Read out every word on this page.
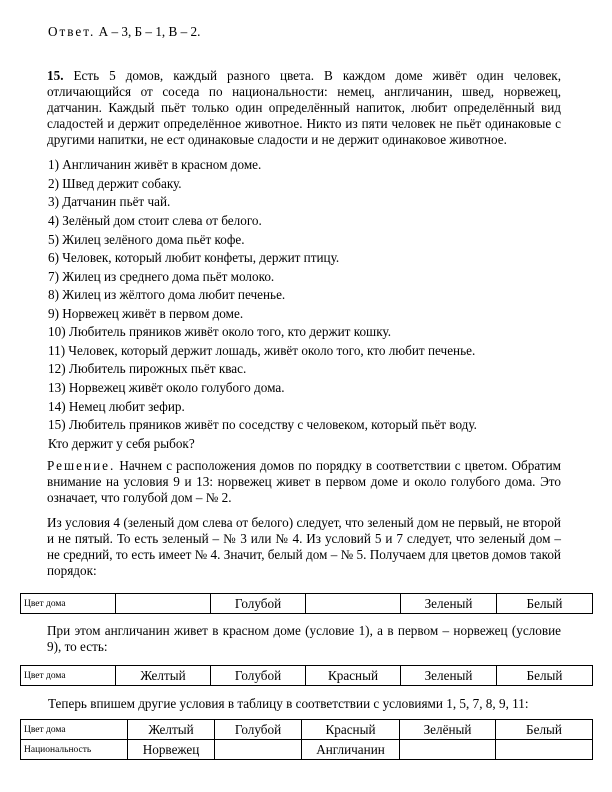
Ответ. А – 3, Б – 1, В – 2.
15. Есть 5 домов, каждый разного цвета. В каждом доме живёт один человек, отличающийся от соседа по национальности: немец, англичанин, швед, норвежец, датчанин. Каждый пьёт только один определённый напиток, любит определённый вид сладостей и держит определённое животное. Никто из пяти человек не пьёт одинаковые с другими напитки, не ест одинаковые сладости и не держит одинаковое животное.
1) Англичанин живёт в красном доме.
2) Швед держит собаку.
3) Датчанин пьёт чай.
4) Зелёный дом стоит слева от белого.
5) Жилец зелёного дома пьёт кофе.
6) Человек, который любит конфеты, держит птицу.
7) Жилец из среднего дома пьёт молоко.
8) Жилец из жёлтого дома любит печенье.
9) Норвежец живёт в первом доме.
10) Любитель пряников живёт около того, кто держит кошку.
11) Человек, который держит лошадь, живёт около того, кто любит печенье.
12) Любитель пирожных пьёт квас.
13) Норвежец живёт около голубого дома.
14) Немец любит зефир.
15) Любитель пряников живёт по соседству с человеком, который пьёт воду.
Кто держит у себя рыбок?
Решение. Начнем с расположения домов по порядку в соответствии с цветом. Обратим внимание на условия 9 и 13: норвежец живет в первом доме и около голубого дома. Это означает, что голубой дом – № 2.
Из условия 4 (зеленый дом слева от белого) следует, что зеленый дом не первый, не второй и не пятый. То есть зеленый – № 3 или № 4. Из условий 5 и 7 следует, что зеленый дом – не средний, то есть имеет № 4. Значит, белый дом – № 5. Получаем для цветов домов такой порядок:
Цвет дома		Голубой		Зеленый	Белый
При этом англичанин живет в красном доме (условие 1), а в первом – норвежец (условие 9), то есть:
Цвет дома	Желтый	Голубой	Красный	Зеленый	Белый
Теперь впишем другие условия в таблицу в соответствии с условиями 1, 5, 7, 8, 9, 11:
Цвет дома	Желтый	Голубой	Красный	Зелёный	Белый
Национальность	Норвежец		Англичанин		
